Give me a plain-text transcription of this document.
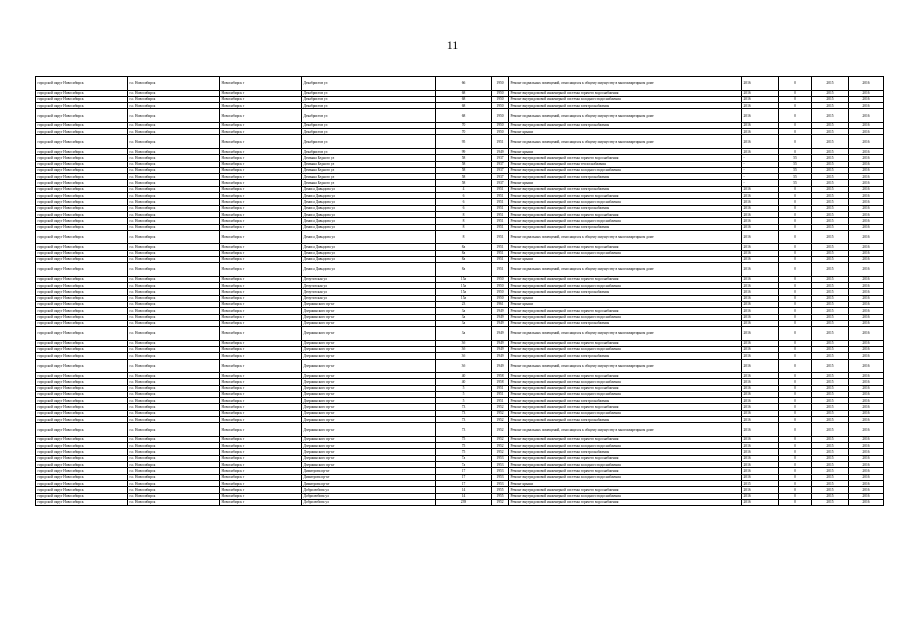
11
городской округ Новосибирск	г.о. Новосибирск	Новосибирск г	Декабристов ул	66	1950	Ремонт подвальных помещений, относящихся к общему имуществу в многоквартирном доме	2016	0	2015	2016
городской округ Новосибирск	г.о. Новосибирск	Новосибирск г	Декабристов ул	68	1950	Ремонт внутридомовой инженерной системы горячего водоснабжения	2016	0	2015	2016
городской округ Новосибирск	г.о. Новосибирск	Новосибирск г	Декабристов ул	68	1950	Ремонт внутридомовой инженерной системы холодного водоснабжения	2016	0	2015	2016
городской округ Новосибирск	г.о. Новосибирск	Новосибирск г	Декабристов ул	68	1950	Ремонт внутридомовой инженерной системы электроснабжения	2016	0	2015	2016
городской округ Новосибирск	г.о. Новосибирск	Новосибирск г	Декабристов ул	68	1950	Ремонт подвальных помещений, относящихся к общему имуществу в многоквартирном доме	2016	0	2015	2016
городской округ Новосибирск	г.о. Новосибирск	Новосибирск г	Декабристов ул	70	1950	Ремонт внутридомовой инженерной системы электроснабжения	2016	0	2015	2016
городской округ Новосибирск	г.о. Новосибирск	Новосибирск г	Декабристов ул	70	1950	Ремонт крыши	2016	0	2015	2016
городской округ Новосибирск	г.о. Новосибирск	Новосибирск г	Декабристов ул	95	1951	Ремонт подвальных помещений, относящихся к общему имуществу в многоквартирном доме	2016	0	2015	2016
городской округ Новосибирск	г.о. Новосибирск	Новосибирск г	Декабристов ул	99	1949	Ремонт крыши	2016	0	2015	2016
городской округ Новосибирск	г.о. Новосибирск	Новосибирск г	Демьяна Бедного ул	58	1937	Ремонт внутридомовой инженерной системы горячего водоснабжения	-	55	2015	2016
городской округ Новосибирск	г.о. Новосибирск	Новосибирск г	Демьяна Бедного ул	58	1937	Ремонт внутридомовой инженерной системы теплоснабжения	-	55	2015	2016
городской округ Новосибирск	г.о. Новосибирск	Новосибирск г	Демьяна Бедного ул	58	1937	Ремонт внутридомовой инженерной системы холодного водоснабжения	-	55	2015	2016
городской округ Новосибирск	г.о. Новосибирск	Новосибирск г	Демьяна Бедного ул	58	1937	Ремонт внутридомовой инженерной системы электроснабжения	-	55	2015	2016
городской округ Новосибирск	г.о. Новосибирск	Новосибирск г	Демьяна Бедного ул	58	1937	Ремонт крыши	-	55	2015	2016
городской округ Новосибирск	г.о. Новосибирск	Новосибирск г	Дениса Давыдова ул	4	1951	Ремонт внутридомовой инженерной системы электроснабжения	2016	0	2015	2016
городской округ Новосибирск	г.о. Новосибирск	Новосибирск г	Дениса Давыдова ул	6	1951	Ремонт внутридомовой инженерной системы горячего водоснабжения	2016	0	2015	2016
городской округ Новосибирск	г.о. Новосибирск	Новосибирск г	Дениса Давыдова ул	6	1951	Ремонт внутридомовой инженерной системы холодного водоснабжения	2016	0	2015	2016
городской округ Новосибирск	г.о. Новосибирск	Новосибирск г	Дениса Давыдова ул	6	1951	Ремонт внутридомовой инженерной системы электроснабжения	2016	0	2015	2016
городской округ Новосибирск	г.о. Новосибирск	Новосибирск г	Дениса Давыдова ул	8	1951	Ремонт внутридомовой инженерной системы горячего водоснабжения	2016	0	2015	2016
городской округ Новосибирск	г.о. Новосибирск	Новосибирск г	Дениса Давыдова ул	8	1951	Ремонт внутридомовой инженерной системы холодного водоснабжения	2016	0	2015	2016
городской округ Новосибирск	г.о. Новосибирск	Новосибирск г	Дениса Давыдова ул	8	1951	Ремонт внутридомовой инженерной системы электроснабжения	2016	0	2015	2016
городской округ Новосибирск	г.о. Новосибирск	Новосибирск г	Дениса Давыдова ул	8	1951	Ремонт подвальных помещений, относящихся к общему имуществу в многоквартирном доме	2016	0	2015	2016
городской округ Новосибирск	г.о. Новосибирск	Новосибирск г	Дениса Давыдова ул	8а	1951	Ремонт внутридомовой инженерной системы горячего водоснабжения	2016	0	2015	2016
городской округ Новосибирск	г.о. Новосибирск	Новосибирск г	Дениса Давыдова ул	8а	1951	Ремонт внутридомовой инженерной системы холодного водоснабжения	2016	0	2015	2016
городской округ Новосибирск	г.о. Новосибирск	Новосибирск г	Дениса Давыдова ул	8а	1951	Ремонт крыши	2016	0	2015	2016
городской округ Новосибирск	г.о. Новосибирск	Новосибирск г	Дениса Давыдова ул	8а	1951	Ремонт подвальных помещений, относящихся к общему имуществу в многоквартирном доме	2016	0	2015	2016
городской округ Новосибирск	г.о. Новосибирск	Новосибирск г	Депутатская ул	15а	1950	Ремонт внутридомовой инженерной системы горячего водоснабжения	2016	0	2015	2016
городской округ Новосибирск	г.о. Новосибирск	Новосибирск г	Депутатская ул	15а	1950	Ремонт внутридомовой инженерной системы холодного водоснабжения	2016	0	2015	2016
городской округ Новосибирск	г.о. Новосибирск	Новосибирск г	Депутатская ул	15а	1950	Ремонт внутридомовой инженерной системы электроснабжения	2016	0	2015	2016
городской округ Новосибирск	г.о. Новосибирск	Новосибирск г	Депутатская ул	15а	1950	Ремонт крыши	2016	0	2015	2016
городской округ Новосибирск	г.о. Новосибирск	Новосибирск г	Дзержинского пр-кт	23	1961	Ремонт крыши	2016	0	2015	2016
городской округ Новосибирск	г.о. Новосибирск	Новосибирск г	Дзержинского пр-кт	3а	1949	Ремонт внутридомовой инженерной системы горячего водоснабжения	2016	0	2015	2016
городской округ Новосибирск	г.о. Новосибирск	Новосибирск г	Дзержинского пр-кт	3а	1949	Ремонт внутридомовой инженерной системы холодного водоснабжения	2016	0	2015	2016
городской округ Новосибирск	г.о. Новосибирск	Новосибирск г	Дзержинского пр-кт	3а	1949	Ремонт внутридомовой инженерной системы электроснабжения	2016	0	2015	2016
городской округ Новосибирск	г.о. Новосибирск	Новосибирск г	Дзержинского пр-кт	3а	1949	Ремонт подвальных помещений, относящихся к общему имуществу в многоквартирном доме	2016	0	2015	2016
городской округ Новосибирск	г.о. Новосибирск	Новосибирск г	Дзержинского пр-кт	3б	1949	Ремонт внутридомовой инженерной системы горячего водоснабжения	2016	0	2015	2016
городской округ Новосибирск	г.о. Новосибирск	Новосибирск г	Дзержинского пр-кт	3б	1949	Ремонт внутридомовой инженерной системы холодного водоснабжения	2016	0	2015	2016
городской округ Новосибирск	г.о. Новосибирск	Новосибирск г	Дзержинского пр-кт	3б	1949	Ремонт внутридомовой инженерной системы электроснабжения	2016	0	2015	2016
городской округ Новосибирск	г.о. Новосибирск	Новосибирск г	Дзержинского пр-кт	3б	1949	Ремонт подвальных помещений, относящихся к общему имуществу в многоквартирном доме	2016	0	2015	2016
городской округ Новосибирск	г.о. Новосибирск	Новосибирск г	Дзержинского пр-кт	40	1958	Ремонт внутридомовой инженерной системы горячего водоснабжения	2016	0	2015	2016
городской округ Новосибирск	г.о. Новосибирск	Новосибирск г	Дзержинского пр-кт	40	1958	Ремонт внутридомовой инженерной системы холодного водоснабжения	2016	0	2015	2016
городской округ Новосибирск	г.о. Новосибирск	Новосибирск г	Дзержинского пр-кт	5	1951	Ремонт внутридомовой инженерной системы горячего водоснабжения	2016	0	2015	2016
городской округ Новосибирск	г.о. Новосибирск	Новосибирск г	Дзержинского пр-кт	5	1951	Ремонт внутридомовой инженерной системы холодного водоснабжения	2016	0	2015	2016
городской округ Новосибирск	г.о. Новосибирск	Новосибирск г	Дзержинского пр-кт	5	1951	Ремонт внутридомовой инженерной системы электроснабжения	2016	0	2015	2016
городской округ Новосибирск	г.о. Новосибирск	Новосибирск г	Дзержинского пр-кт	73	1952	Ремонт внутридомовой инженерной системы горячего водоснабжения	2016	0	2015	2016
городской округ Новосибирск	г.о. Новосибирск	Новосибирск г	Дзержинского пр-кт	73	1952	Ремонт внутридомовой инженерной системы холодного водоснабжения	2016	0	2015	2016
городской округ Новосибирск	г.о. Новосибирск	Новосибирск г	Дзержинского пр-кт	73	1952	Ремонт внутридомовой инженерной системы электроснабжения	2016	0	2015	2016
городской округ Новосибирск	г.о. Новосибирск	Новосибирск г	Дзержинского пр-кт	73	1952	Ремонт подвальных помещений, относящихся к общему имуществу в многоквартирном доме	2016	0	2015	2016
городской округ Новосибирск	г.о. Новосибирск	Новосибирск г	Дзержинского пр-кт	75	1952	Ремонт внутридомовой инженерной системы горячего водоснабжения	2016	0	2015	2016
городской округ Новосибирск	г.о. Новосибирск	Новосибирск г	Дзержинского пр-кт	75	1952	Ремонт внутридомовой инженерной системы холодного водоснабжения	2016	0	2015	2016
городской округ Новосибирск	г.о. Новосибирск	Новосибирск г	Дзержинского пр-кт	75	1952	Ремонт внутридомовой инженерной системы электроснабжения	2016	0	2015	2016
городской округ Новосибирск	г.о. Новосибирск	Новосибирск г	Дзержинского пр-кт	7а	1953	Ремонт внутридомовой инженерной системы горячего водоснабжения	2016	0	2015	2016
городской округ Новосибирск	г.о. Новосибирск	Новосибирск г	Дзержинского пр-кт	7а	1953	Ремонт внутридомовой инженерной системы холодного водоснабжения	2016	0	2015	2016
городской округ Новосибирск	г.о. Новосибирск	Новосибирск г	Димитрова пр-кт	17	1953	Ремонт внутридомовой инженерной системы горячего водоснабжения	2016	0	2015	2016
городской округ Новосибирск	г.о. Новосибирск	Новосибирск г	Димитрова пр-кт	17	1953	Ремонт внутридомовой инженерной системы холодного водоснабжения	2016	0	2015	2016
городской округ Новосибирск	г.о. Новосибирск	Новосибирск г	Димитрова пр-кт	17	1953	Ремонт крыши	2015	0	2015	2016
городской округ Новосибирск	г.о. Новосибирск	Новосибирск г	Добролюбова ул	14	1955	Ремонт внутридомовой инженерной системы горячего водоснабжения	2016	0	2015	2016
городской округ Новосибирск	г.о. Новосибирск	Новосибирск г	Добролюбова ул	14	1955	Ремонт внутридомовой инженерной системы холодного водоснабжения	2016	0	2015	2016
городской округ Новосибирск	г.о. Новосибирск	Новосибирск г	Добролюбова ул	239	1952	Ремонт внутридомовой инженерной системы горячего водоснабжения	2016	0	2015	2016
